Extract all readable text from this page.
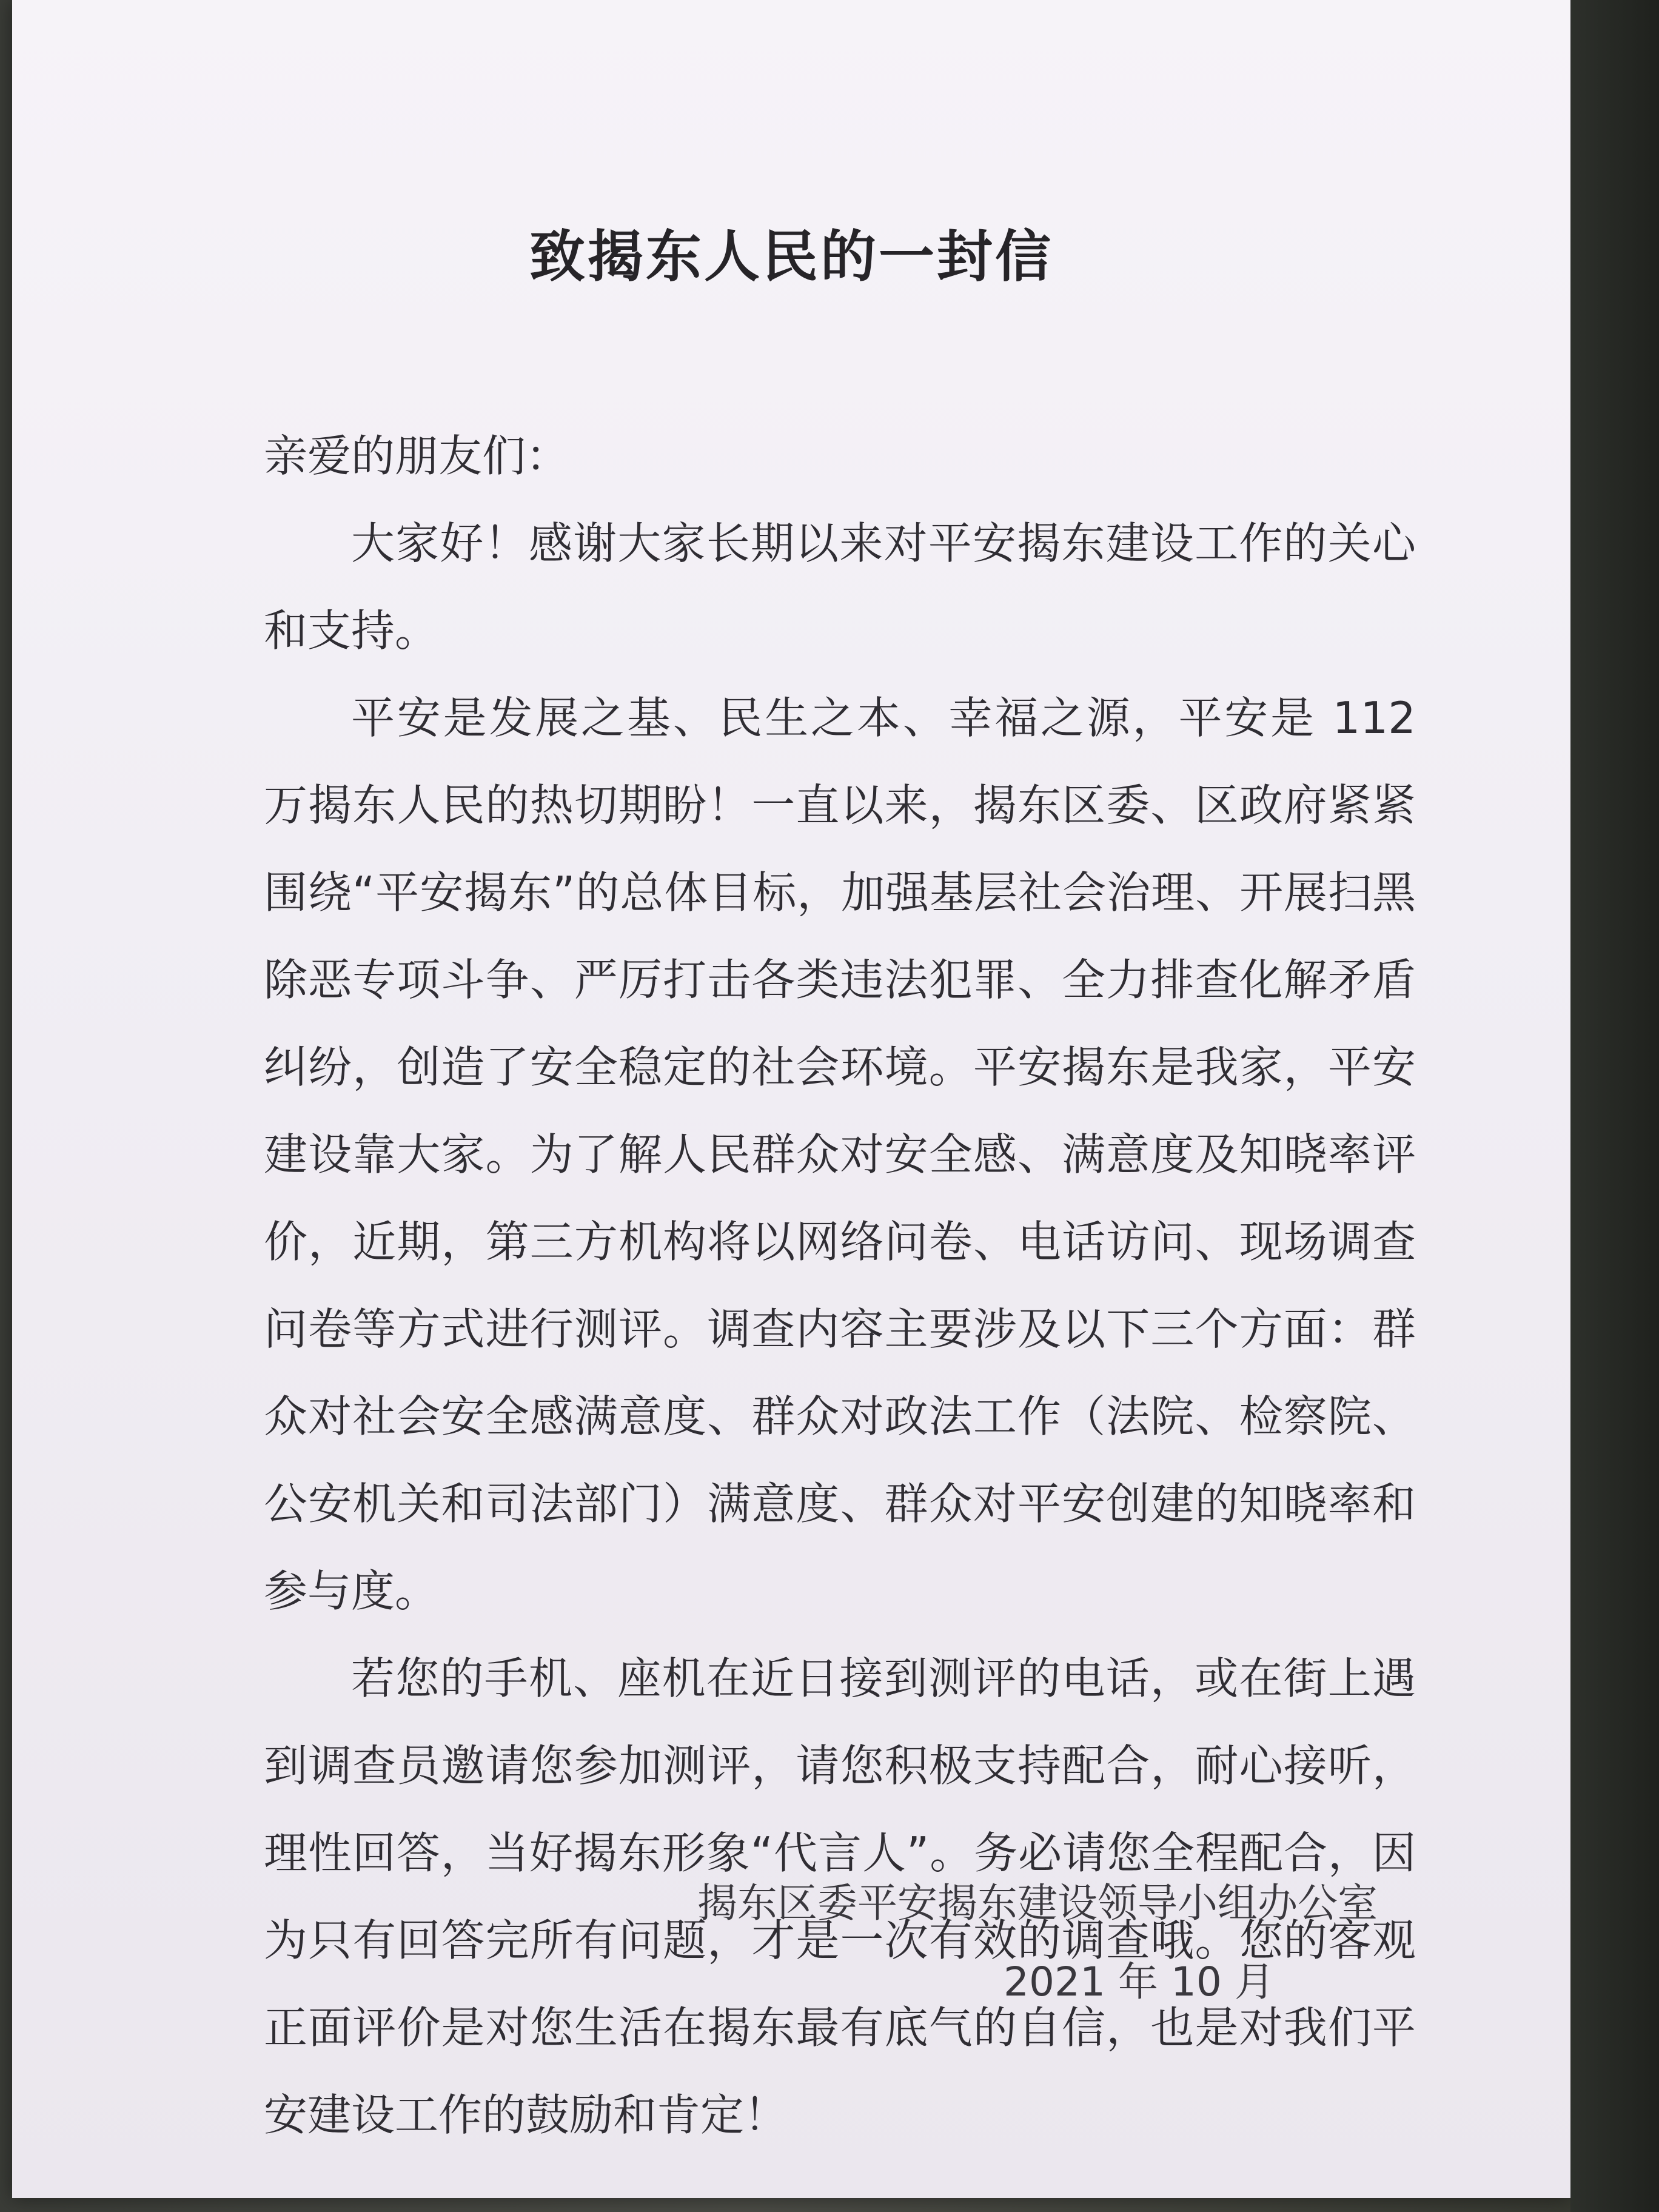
致揭东人民的一封信

亲爱的朋友们：

大家好！感谢大家长期以来对平安揭东建设工作的关心和支持。

平安是发展之基、民生之本、幸福之源，平安是 112 万揭东人民的热切期盼！一直以来，揭东区委、区政府紧紧围绕“平安揭东”的总体目标，加强基层社会治理、开展扫黑除恶专项斗争、严厉打击各类违法犯罪、全力排查化解矛盾纠纷，创造了安全稳定的社会环境。平安揭东是我家，平安建设靠大家。为了解人民群众对安全感、满意度及知晓率评价，近期，第三方机构将以网络问卷、电话访问、现场调查问卷等方式进行测评。调查内容主要涉及以下三个方面：群众对社会安全感满意度、群众对政法工作（法院、检察院、公安机关和司法部门）满意度、群众对平安创建的知晓率和参与度。

若您的手机、座机在近日接到测评的电话，或在街上遇到调查员邀请您参加测评，请您积极支持配合，耐心接听，理性回答，当好揭东形象“代言人”。务必请您全程配合，因为只有回答完所有问题，才是一次有效的调查哦。您的客观正面评价是对您生活在揭东最有底气的自信，也是对我们平安建设工作的鼓励和肯定！

揭东区委平安揭东建设领导小组办公室
2021 年 10 月
